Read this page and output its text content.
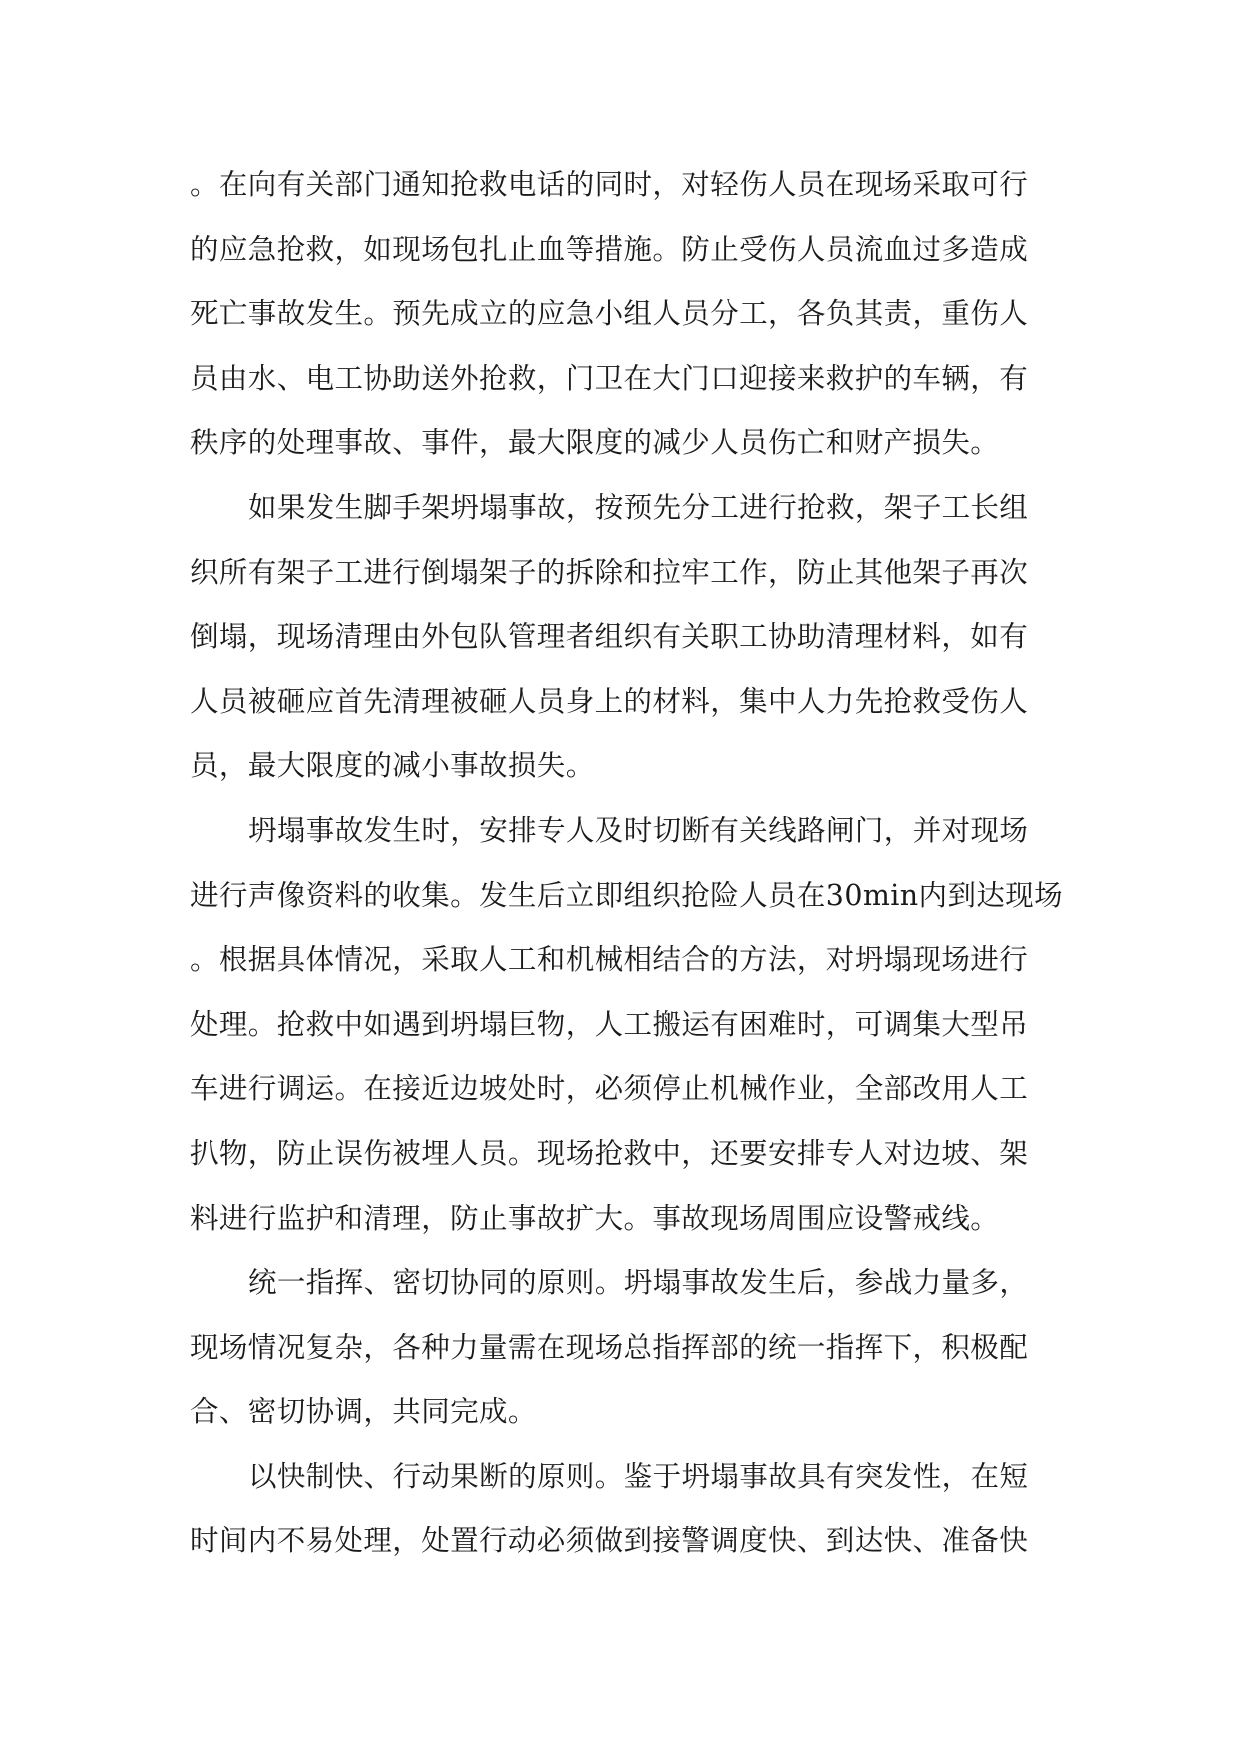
。在向有关部门通知抢救电话的同时，对轻伤人员在现场采取可行
的应急抢救，如现场包扎止血等措施。防止受伤人员流血过多造成
死亡事故发生。预先成立的应急小组人员分工，各负其责，重伤人
员由水、电工协助送外抢救，门卫在大门口迎接来救护的车辆，有
秩序的处理事故、事件，最大限度的减少人员伤亡和财产损失。
如果发生脚手架坍塌事故，按预先分工进行抢救，架子工长组
织所有架子工进行倒塌架子的拆除和拉牢工作，防止其他架子再次
倒塌，现场清理由外包队管理者组织有关职工协助清理材料，如有
人员被砸应首先清理被砸人员身上的材料，集中人力先抢救受伤人
员，最大限度的减小事故损失。
坍塌事故发生时，安排专人及时切断有关线路闸门，并对现场
进行声像资料的收集。发生后立即组织抢险人员在30min内到达现场
。根据具体情况，采取人工和机械相结合的方法，对坍塌现场进行
处理。抢救中如遇到坍塌巨物，人工搬运有困难时，可调集大型吊
车进行调运。在接近边坡处时，必须停止机械作业，全部改用人工
扒物，防止误伤被埋人员。现场抢救中，还要安排专人对边坡、架
料进行监护和清理，防止事故扩大。事故现场周围应设警戒线。
统一指挥、密切协同的原则。坍塌事故发生后，参战力量多，
现场情况复杂，各种力量需在现场总指挥部的统一指挥下，积极配
合、密切协调，共同完成。
以快制快、行动果断的原则。鉴于坍塌事故具有突发性，在短
时间内不易处理，处置行动必须做到接警调度快、到达快、准备快
